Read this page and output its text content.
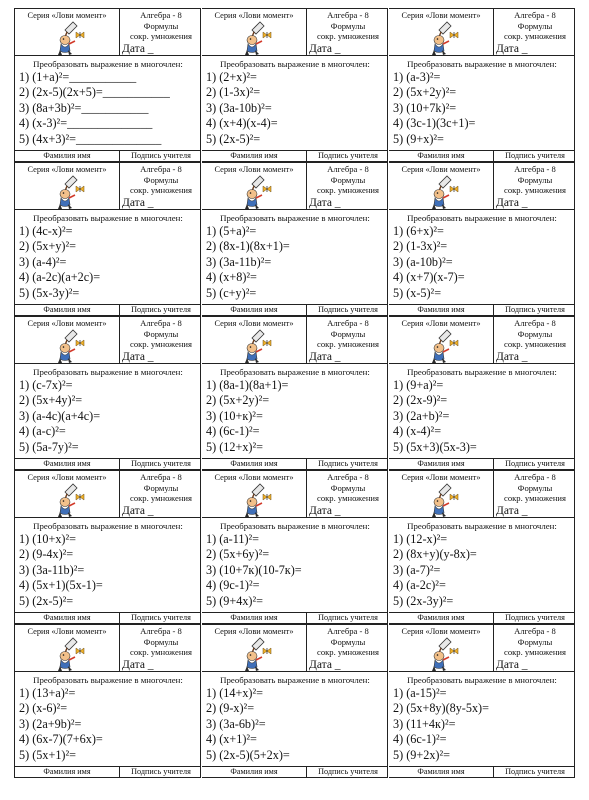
Серия «Лови момент»	Алгебра - 8
Формулы
сокр. умножения
Дата _
Преобразовать выражение в многочлен:
1) (1+a)²=___________
2) (2x-5)(2x+5)=___________
3) (8a+3b)²=___________
4) (x-3)²=______________
5) (4x+3)²=______________
Фамилия имя	Подпись учителя
Серия «Лови момент»	Алгебра - 8
Формулы
сокр. умножения
Дата _
Преобразовать выражение в многочлен:
1) (2+x)²=
2) (1-3x)²=
3) (3a-10b)²=
4) (x+4)(x-4)=
5) (2x-5)²=
Фамилия имя	Подпись учителя
Серия «Лови момент»	Алгебра - 8
Формулы
сокр. умножения
Дата _
Преобразовать выражение в многочлен:
1) (a-3)²=
2) (5x+2y)²=
3) (10+7k)²=
4) (3c-1)(3c+1)=
5) (9+x)²=
Фамилия имя	Подпись учителя
Серия «Лови момент»	Алгебра - 8
Формулы
сокр. умножения
Дата _
Преобразовать выражение в многочлен:
1) (4c-x)²=
2) (5x+y)²=
3) (a-4)²=
4) (a-2c)(a+2c)=
5) (5x-3y)²=
Фамилия имя	Подпись учителя
Серия «Лови момент»	Алгебра - 8
Формулы
сокр. умножения
Дата _
Преобразовать выражение в многочлен:
1) (5+a)²=
2) (8x-1)(8x+1)=
3) (3a-11b)²=
4) (x+8)²=
5) (c+y)²=
Фамилия имя	Подпись учителя
Серия «Лови момент»	Алгебра - 8
Формулы
сокр. умножения
Дата _
Преобразовать выражение в многочлен:
1) (6+x)²=
2) (1-3x)²=
3) (a-10b)²=
4) (x+7)(x-7)=
5) (x-5)²=
Фамилия имя	Подпись учителя
Серия «Лови момент»	Алгебра - 8
Формулы
сокр. умножения
Дата _
Преобразовать выражение в многочлен:
1) (c-7x)²=
2) (5x+4y)²=
3) (a-4c)(a+4c)=
4) (a-c)²=
5) (5a-7y)²=
Фамилия имя	Подпись учителя
Серия «Лови момент»	Алгебра - 8
Формулы
сокр. умножения
Дата _
Преобразовать выражение в многочлен:
1) (8a-1)(8a+1)=
2) (5x+2y)²=
3) (10+к)²=
4) (6c-1)²=
5) (12+x)²=
Фамилия имя	Подпись учителя
Серия «Лови момент»	Алгебра - 8
Формулы
сокр. умножения
Дата _
Преобразовать выражение в многочлен:
1) (9+a)²=
2) (2x-9)²=
3) (2a+b)²=
4) (x-4)²=
5) (5x+3)(5x-3)=
Фамилия имя	Подпись учителя
Серия «Лови момент»	Алгебра - 8
Формулы
сокр. умножения
Дата _
Преобразовать выражение в многочлен:
1) (10+x)²=
2) (9-4x)²=
3) (3a-11b)²=
4) (5x+1)(5x-1)=
5) (2x-5)²=
Фамилия имя	Подпись учителя
Серия «Лови момент»	Алгебра - 8
Формулы
сокр. умножения
Дата _
Преобразовать выражение в многочлен:
1) (a-11)²=
2) (5x+6y)²=
3) (10+7к)(10-7к)=
4) (9c-1)²=
5) (9+4x)²=
Фамилия имя	Подпись учителя
Серия «Лови момент»	Алгебра - 8
Формулы
сокр. умножения
Дата _
Преобразовать выражение в многочлен:
1) (12-x)²=
2) (8x+y)(y-8x)=
3) (a-7)²=
4) (a-2c)²=
5) (2x-3y)²=
Фамилия имя	Подпись учителя
Серия «Лови момент»	Алгебра - 8
Формулы
сокр. умножения
Дата _
Преобразовать выражение в многочлен:
1) (13+a)²=
2) (x-6)²=
3) (2a+9b)²=
4) (6x-7)(7+6x)=
5) (5x+1)²=
Фамилия имя	Подпись учителя
Серия «Лови момент»	Алгебра - 8
Формулы
сокр. умножения
Дата _
Преобразовать выражение в многочлен:
1) (14+x)²=
2) (9-x)²=
3) (3a-6b)²=
4) (x+1)²=
5) (2x-5)(5+2x)=
Фамилия имя	Подпись учителя
Серия «Лови момент»	Алгебра - 8
Формулы
сокр. умножения
Дата _
Преобразовать выражение в многочлен:
1) (a-15)²=
2) (5x+8y)(8y-5x)=
3) (11+4к)²=
4) (6c-1)²=
5) (9+2x)²=
Фамилия имя	Подпись учителя
